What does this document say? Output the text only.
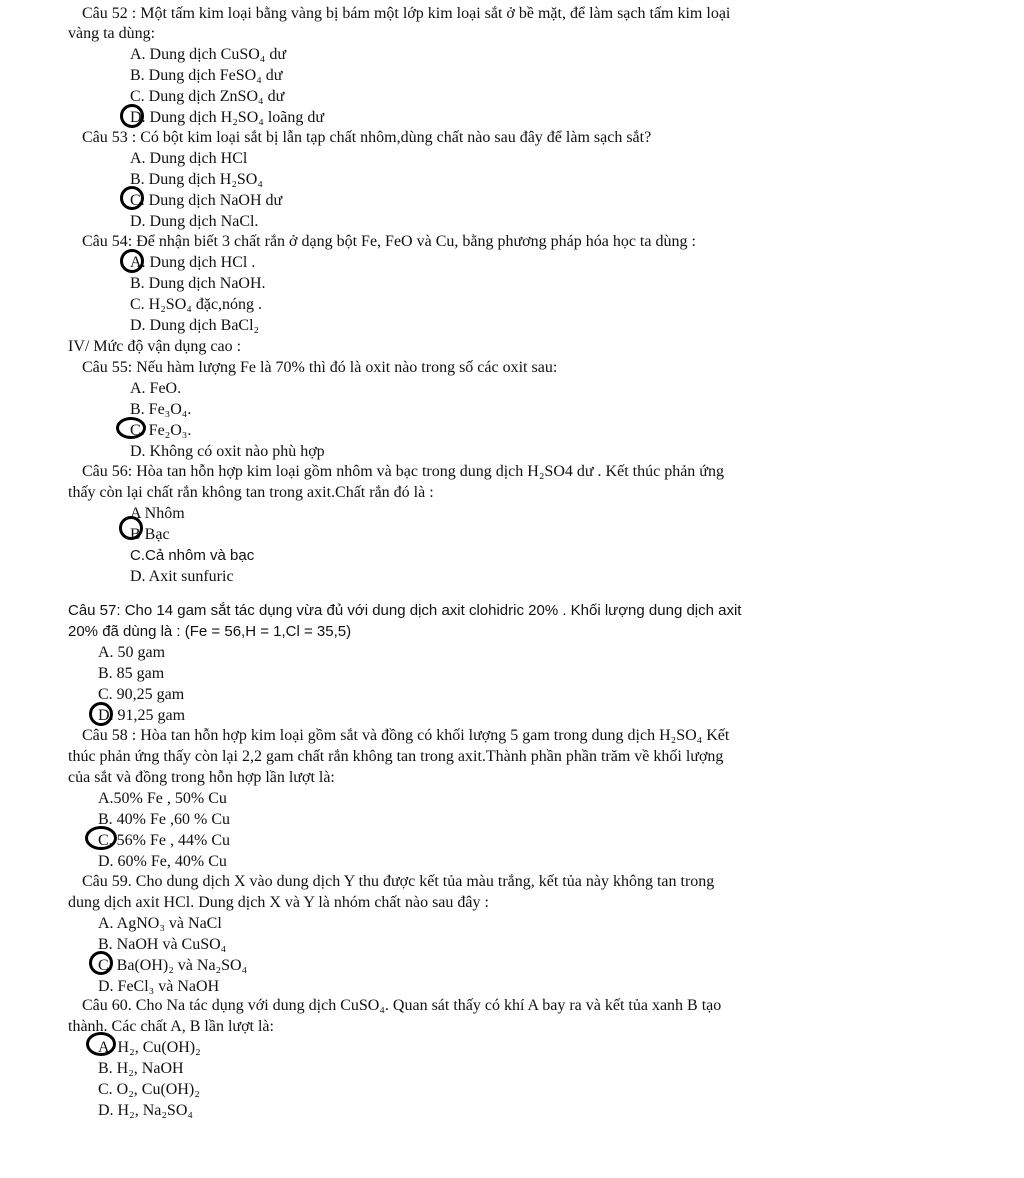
Câu 52 : Một tấm kim loại bằng vàng bị bám một lớp kim loại sắt ở bề mặt, để làm sạch tấm kim loại
vàng ta dùng:
A. Dung dịch CuSO₄ dư
B. Dung dịch FeSO₄ dư
C. Dung dịch ZnSO₄ dư
D. Dung dịch H₂SO₄ loãng dư
Câu 53 : Có bột kim loại sắt bị lẫn tạp chất nhôm,dùng chất nào sau đây để làm sạch sắt?
A. Dung dịch HCl
B. Dung dịch H₂SO₄
C. Dung dịch NaOH dư
D. Dung dịch NaCl.
Câu 54: Để nhận biết 3 chất rắn ở dạng bột Fe, FeO và Cu, bằng phương pháp hóa học ta dùng :
A. Dung dịch HCl .
B. Dung dịch NaOH.
C. H₂SO₄ đặc,nóng .
D. Dung dịch BaCl₂
IV/ Mức độ vận dụng cao :
Câu 55: Nếu hàm lượng Fe là 70% thì đó là oxit nào trong số các oxit sau:
A. FeO.
B. Fe₃O₄.
C. Fe₂O₃.
D. Không có oxit nào phù hợp
Câu 56: Hòa tan hỗn hợp kim loại gồm nhôm và bạc trong dung dịch H₂SO4 dư . Kết thúc phản ứng
thấy còn lại chất rắn không tan trong axit.Chất rắn đó là :
A Nhôm
B Bạc
C.Cả nhôm và bạc
D. Axit sunfuric
Câu 57: Cho 14 gam sắt tác dụng vừa đủ với dung dịch axit clohidric 20% . Khối lượng dung dịch axit
20% đã dùng là : (Fe = 56,H = 1,Cl = 35,5)
A. 50 gam
B. 85 gam
C. 90,25 gam
D. 91,25 gam
Câu 58 : Hòa tan hỗn hợp kim loại gồm sắt và đồng có khối lượng 5 gam trong dung dịch H₂SO₄ Kết
thúc phản ứng thấy còn lại 2,2 gam chất rắn không tan trong axit.Thành phần phần trăm về khối lượng
của sắt và đồng trong hỗn hợp lần lượt là:
A.50% Fe , 50% Cu
B. 40% Fe ,60 % Cu
C. 56% Fe , 44% Cu
D. 60% Fe, 40% Cu
Câu 59. Cho dung dịch X vào dung dịch Y thu được kết tủa màu trắng, kết tủa này không tan trong
dung dịch axit HCl. Dung dịch X và Y là nhóm chất nào sau đây :
A. AgNO₃ và NaCl
B. NaOH và CuSO₄
C. Ba(OH)₂ và Na₂SO₄
D. FeCl₃ và NaOH
Câu 60. Cho Na tác dụng với dung dịch CuSO₄. Quan sát thấy có khí A bay ra và kết tủa xanh B tạo
thành. Các chất A, B lần lượt là:
A. H₂, Cu(OH)₂
B. H₂, NaOH
C. O₂, Cu(OH)₂
D. H₂, Na₂SO₄
